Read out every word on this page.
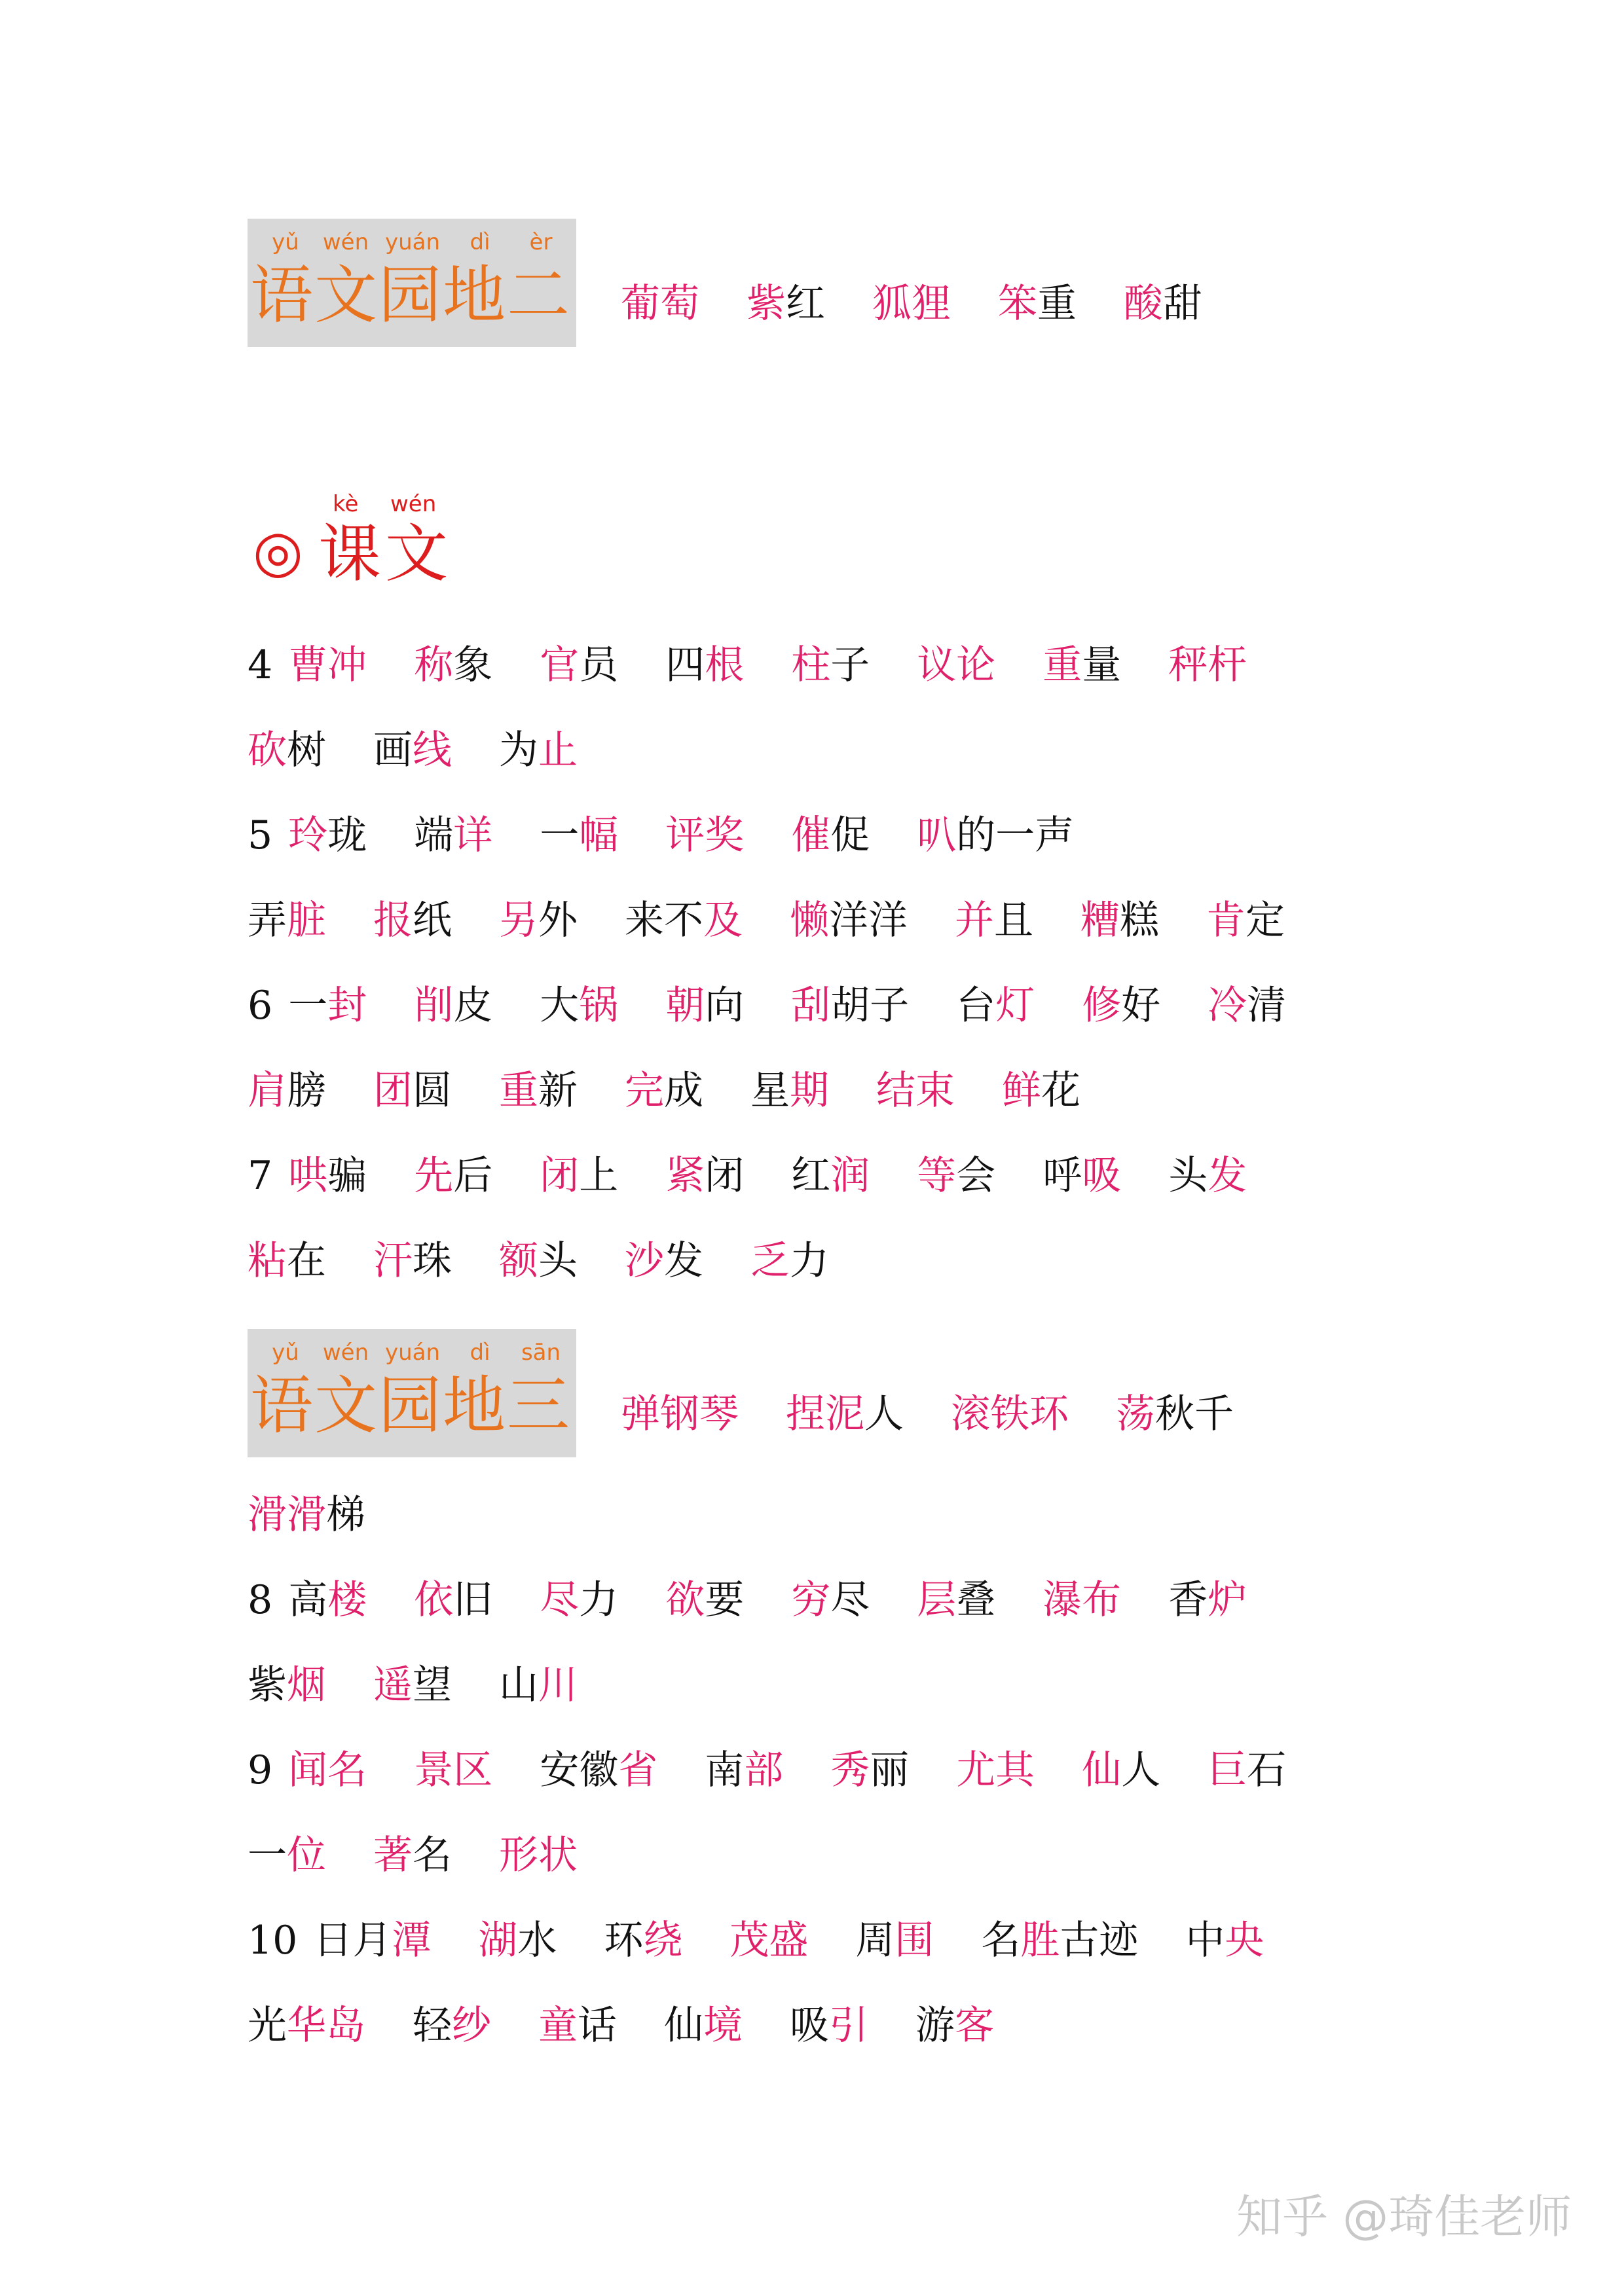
yǔ wén yuán dì èr
语文园地二 葡萄 紫红 狐狸 笨重 酸甜
◎
kè wén
课文
4 曹冲 称象 官员 四根 柱子 议论 重量 秤杆
砍树 画线 为止
5 玲珑 端详 一幅 评奖 催促 叭的一声
弄脏 报纸 另外 来不及 懒洋洋 并且 糟糕 肯定
6 一封 削皮 大锅 朝向 刮胡子 台灯 修好 冷清
肩膀 团圆 重新 完成 星期 结束 鲜花
7 哄骗 先后 闭上 紧闭 红润 等会 呼吸 头发
粘在 汗珠 额头 沙发 乏力
yǔ wén yuán dì sān
语文园地三 弹钢琴 捏泥人 滚铁环 荡秋千
滑滑梯
8 高楼 依旧 尽力 欲要 穷尽 层叠 瀑布 香炉
紫烟 遥望 山川
9 闻名 景区 安徽省 南部 秀丽 尤其 仙人 巨石
一位 著名 形状
10 日月潭 湖水 环绕 茂盛 周围 名胜古迹 中央
光华岛 轻纱 童话 仙境 吸引 游客
知乎 @琦佳老师
